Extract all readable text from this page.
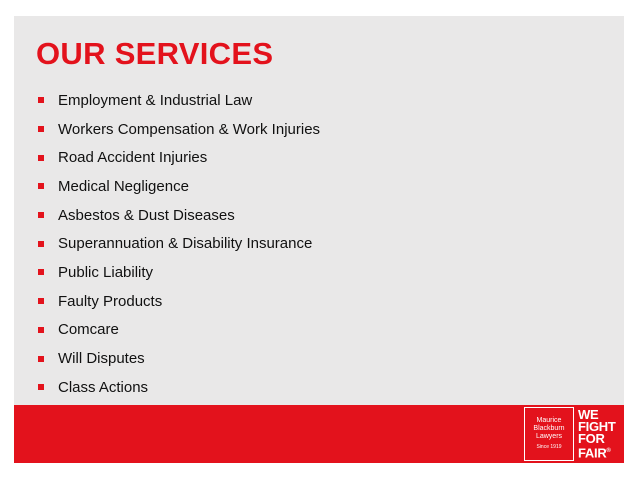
OUR SERVICES
Employment & Industrial Law
Workers Compensation & Work Injuries
Road Accident Injuries
Medical Negligence
Asbestos & Dust Diseases
Superannuation & Disability Insurance
Public Liability
Faulty Products
Comcare
Will Disputes
Class Actions
Maurice
Blackburn
Lawyers
Since 1919
WE
FIGHT
FOR
FAIR®
